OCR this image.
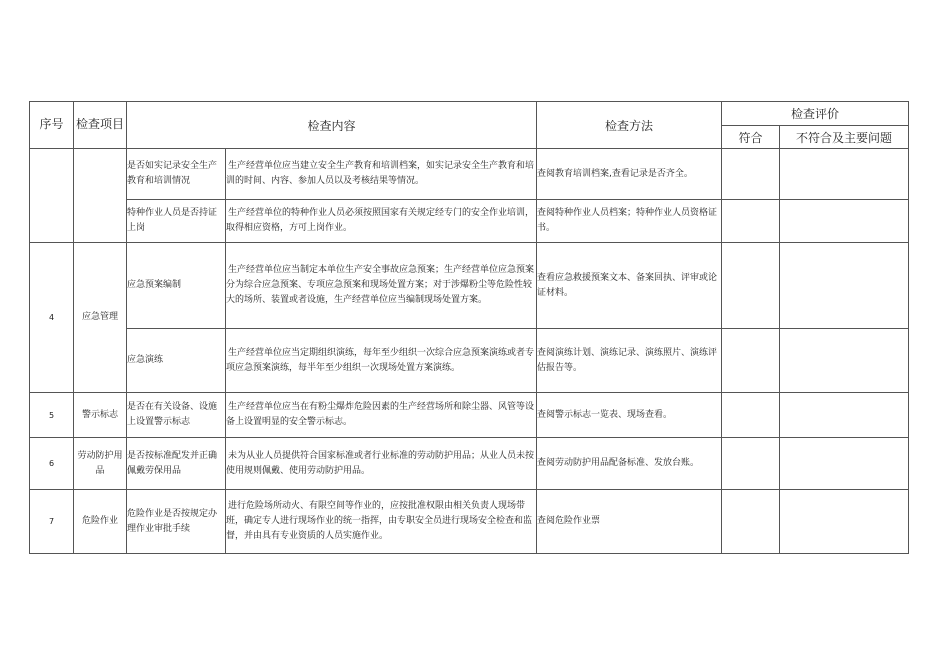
序号	检查项目	检查内容		检查方法	检查评价	
					符合	不符合及主要问题
		是否如实记录安全生产教育和培训情况	生产经营单位应当建立安全生产教育和培训档案，如实记录安全生产教育和培训的时间、内容、参加人员以及考核结果等情况。	查阅教育培训档案,查看记录是否齐全。		
		特种作业人员是否持证上岗	生产经营单位的特种作业人员必须按照国家有关规定经专门的安全作业培训，取得相应资格，方可上岗作业。	查阅特种作业人员档案；特种作业人员资格证书。		
4	应急管理	应急预案编制	生产经营单位应当制定本单位生产安全事故应急预案；生产经营单位应急预案分为综合应急预案、专项应急预案和现场处置方案；对于涉爆粉尘等危险性较大的场所、装置或者设施，生产经营单位应当编制现场处置方案。	查看应急救援预案文本、备案回执、评审或论证材料。		
		应急演练	生产经营单位应当定期组织演练，每年至少组织一次综合应急预案演练或者专项应急预案演练，每半年至少组织一次现场处置方案演练。	查阅演练计划、演练记录、演练照片、演练评估报告等。		
5	警示标志	是否在有关设备、设施上设置警示标志	生产经营单位应当在有粉尘爆炸危险因素的生产经营场所和除尘器、风管等设备上设置明显的安全警示标志。	查阅警示标志一览表、现场查看。		
6	劳动防护用品	是否按标准配发并正确佩戴劳保用品	未为从业人员提供符合国家标准或者行业标准的劳动防护用品；从业人员未按使用规则佩戴、使用劳动防护用品。	查阅劳动防护用品配备标准、发放台账。		
7	危险作业	危险作业是否按规定办理作业审批手续	进行危险场所动火、有限空间等作业的，应按批准权限由相关负责人现场带班，确定专人进行现场作业的统一指挥，由专职安全员进行现场安全检查和监督，并由具有专业资质的人员实施作业。	查阅危险作业票		
